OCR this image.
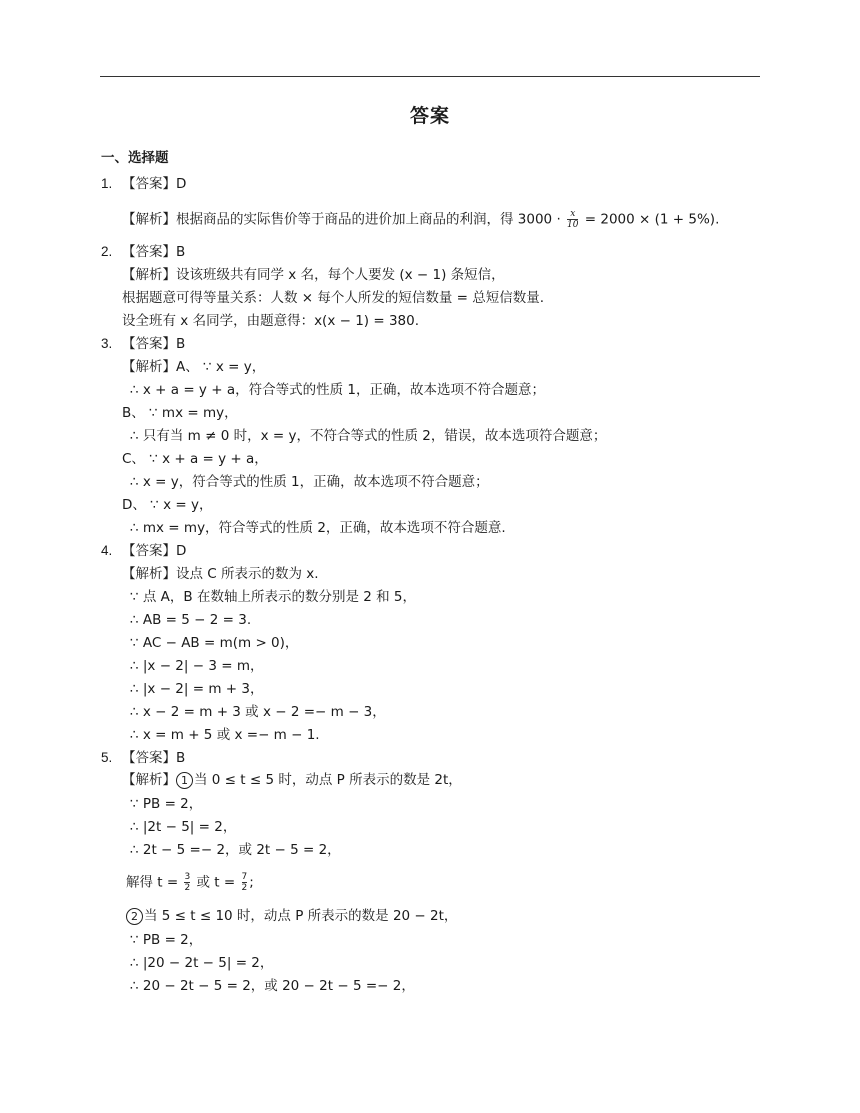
答案
一、选择题
1. 【答案】D
【解析】根据商品的实际售价等于商品的进价加上商品的利润，得 $3000 \cdot \frac{x}{10} = 2000 \times (1 + 5\%)$.
2. 【答案】B
【解析】设该班级共有同学 x 名，每个人要发 (x − 1) 条短信，
根据题意可得等量关系：人数 × 每个人所发的短信数量 = 总短信数量.
设全班有 x 名同学，由题意得：x(x − 1) = 380.
3. 【答案】B
【解析】A、 ∵ x = y，
∴ x + a = y + a，符合等式的性质 1，正确，故本选项不符合题意；
B、 ∵ mx = my，
∴ 只有当 m ≠ 0 时，x = y，不符合等式的性质 2，错误，故本选项符合题意；
C、 ∵ x + a = y + a，
∴ x = y，符合等式的性质 1，正确，故本选项不符合题意；
D、 ∵ x = y，
∴ mx = my，符合等式的性质 2，正确，故本选项不符合题意.
4. 【答案】D
【解析】设点 C 所表示的数为 x.
∵ 点 A，B 在数轴上所表示的数分别是 2 和 5，
∴ AB = 5 − 2 = 3.
∵ AC − AB = m(m > 0)，
∴ |x − 2| − 3 = m，
∴ |x − 2| = m + 3，
∴ x − 2 = m + 3 或 x − 2 =− m − 3，
∴ x = m + 5 或 x =− m − 1.
5. 【答案】B
【解析】 1 当 0 ≤ t ≤ 5 时，动点 P 所表示的数是 2t，
∵ PB = 2，
∴ |2t − 5| = 2，
∴ 2t − 5 =− 2，或 2t − 5 = 2，
解得 $t = \frac{3}{2}$ 或 $t = \frac{7}{2}$ ;
2 当 5 ≤ t ≤ 10 时，动点 P 所表示的数是 20 − 2t，
∵ PB = 2，
∴ |20 − 2t − 5| = 2，
∴ 20 − 2t − 5 = 2，或 20 − 2t − 5 =− 2，
